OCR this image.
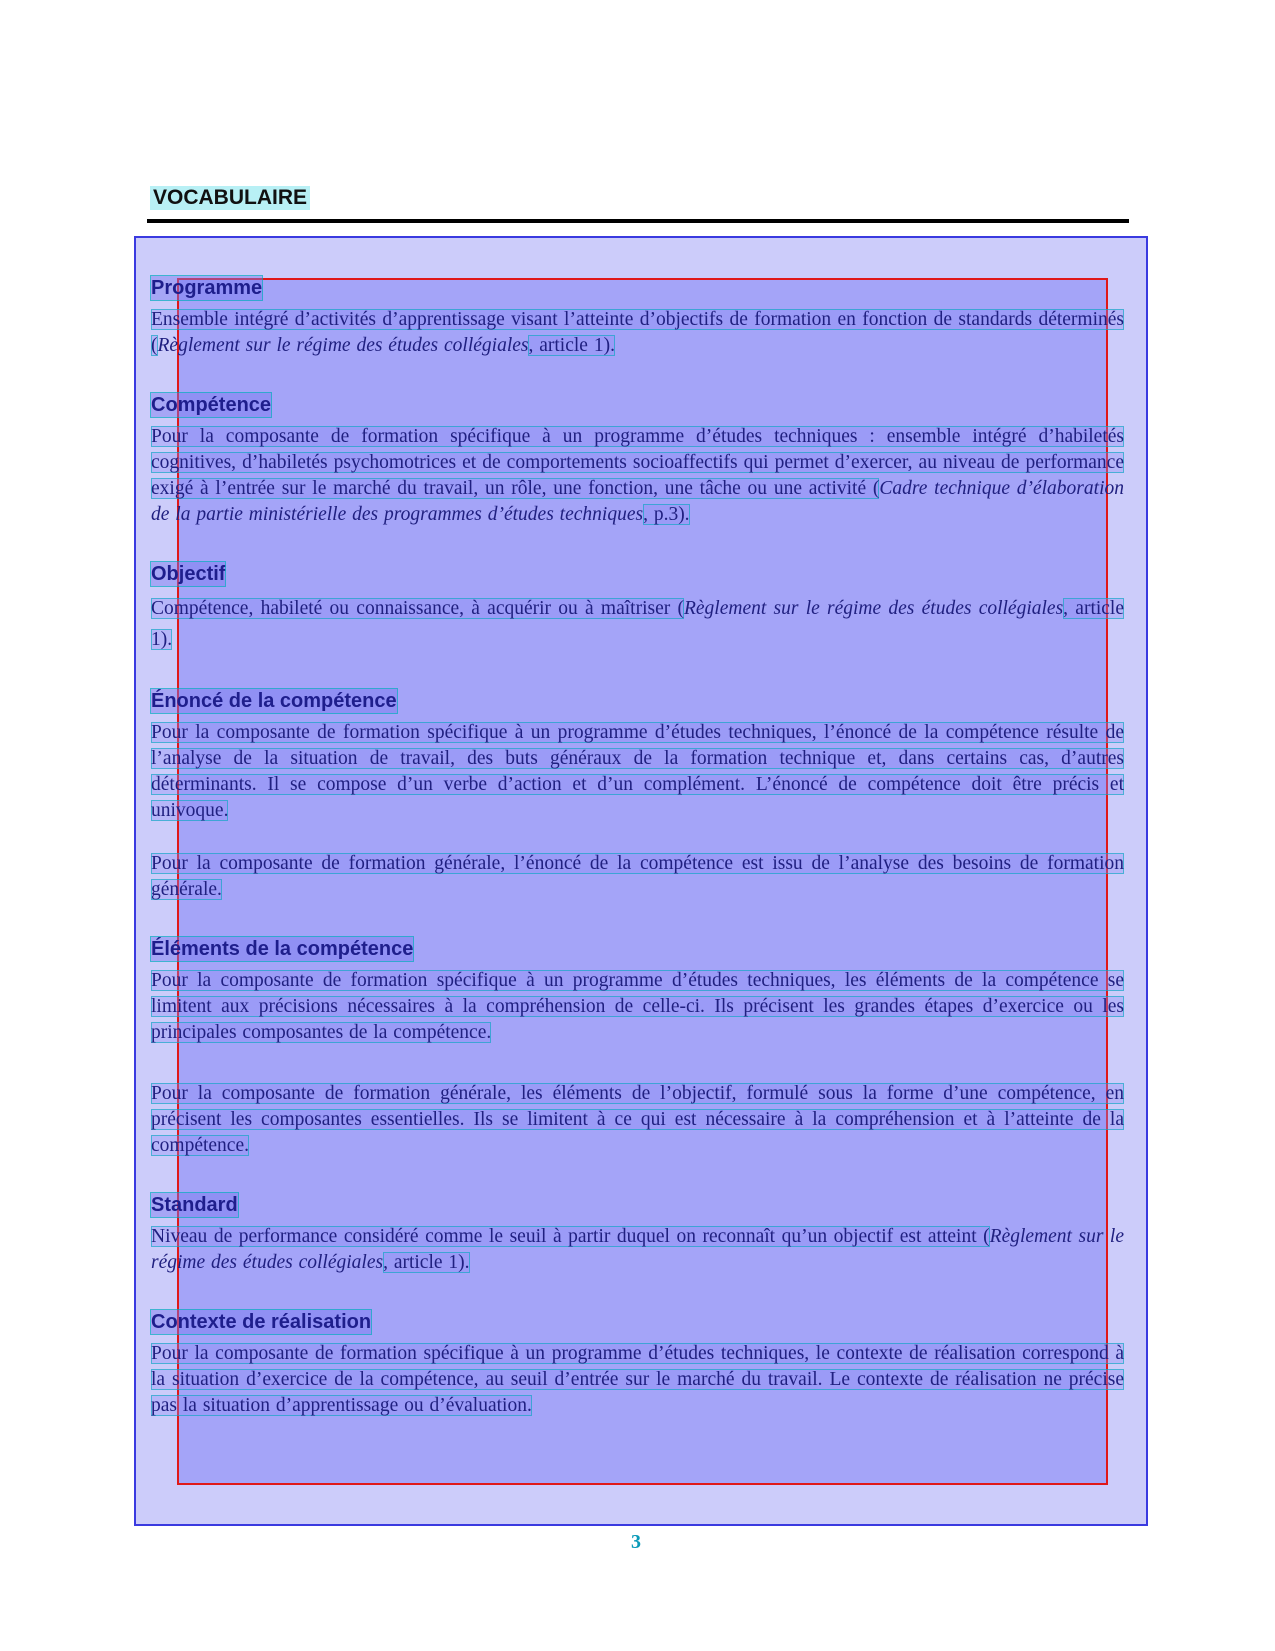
VOCABULAIRE
Programme

Ensemble intégré d’activités d’apprentissage visant l’atteinte d’objectifs de formation en fonction de standards déterminés (Règlement sur le régime des études collégiales, article 1).

Compétence

Pour la composante de formation spécifique à un programme d’études techniques : ensemble intégré d’habiletés cognitives, d’habiletés psychomotrices et de comportements socioaffectifs qui permet d’exercer, au niveau de performance exigé à l’entrée sur le marché du travail, un rôle, une fonction, une tâche ou une activité (Cadre technique d’élaboration de la partie ministérielle des programmes d’études techniques, p.3).

Objectif

Compétence, habileté ou connaissance, à acquérir ou à maîtriser (Règlement sur le régime des études collégiales, article 1).

Énoncé de la compétence

Pour la composante de formation spécifique à un programme d’études techniques, l’énoncé de la compétence résulte de l’analyse de la situation de travail, des buts généraux de la formation technique et, dans certains cas, d’autres déterminants. Il se compose d’un verbe d’action et d’un complément. L’énoncé de compétence doit être précis et univoque.

Pour la composante de formation générale, l’énoncé de la compétence est issu de l’analyse des besoins de formation générale.

Éléments de la compétence

Pour la composante de formation spécifique à un programme d’études techniques, les éléments de la compétence se limitent aux précisions nécessaires à la compréhension de celle-ci. Ils précisent les grandes étapes d’exercice ou les principales composantes de la compétence.

Pour la composante de formation générale, les éléments de l’objectif, formulé sous la forme d’une compétence, en précisent les composantes essentielles. Ils se limitent à ce qui est nécessaire à la compréhension et à l’atteinte de la compétence.

Standard

Niveau de performance considéré comme le seuil à partir duquel on reconnaît qu’un objectif est atteint (Règlement sur le régime des études collégiales, article 1).

Contexte de réalisation

Pour la composante de formation spécifique à un programme d’études techniques, le contexte de réalisation correspond à la situation d’exercice de la compétence, au seuil d’entrée sur le marché du travail. Le contexte de réalisation ne précise pas la situation d’apprentissage ou d’évaluation.

3
